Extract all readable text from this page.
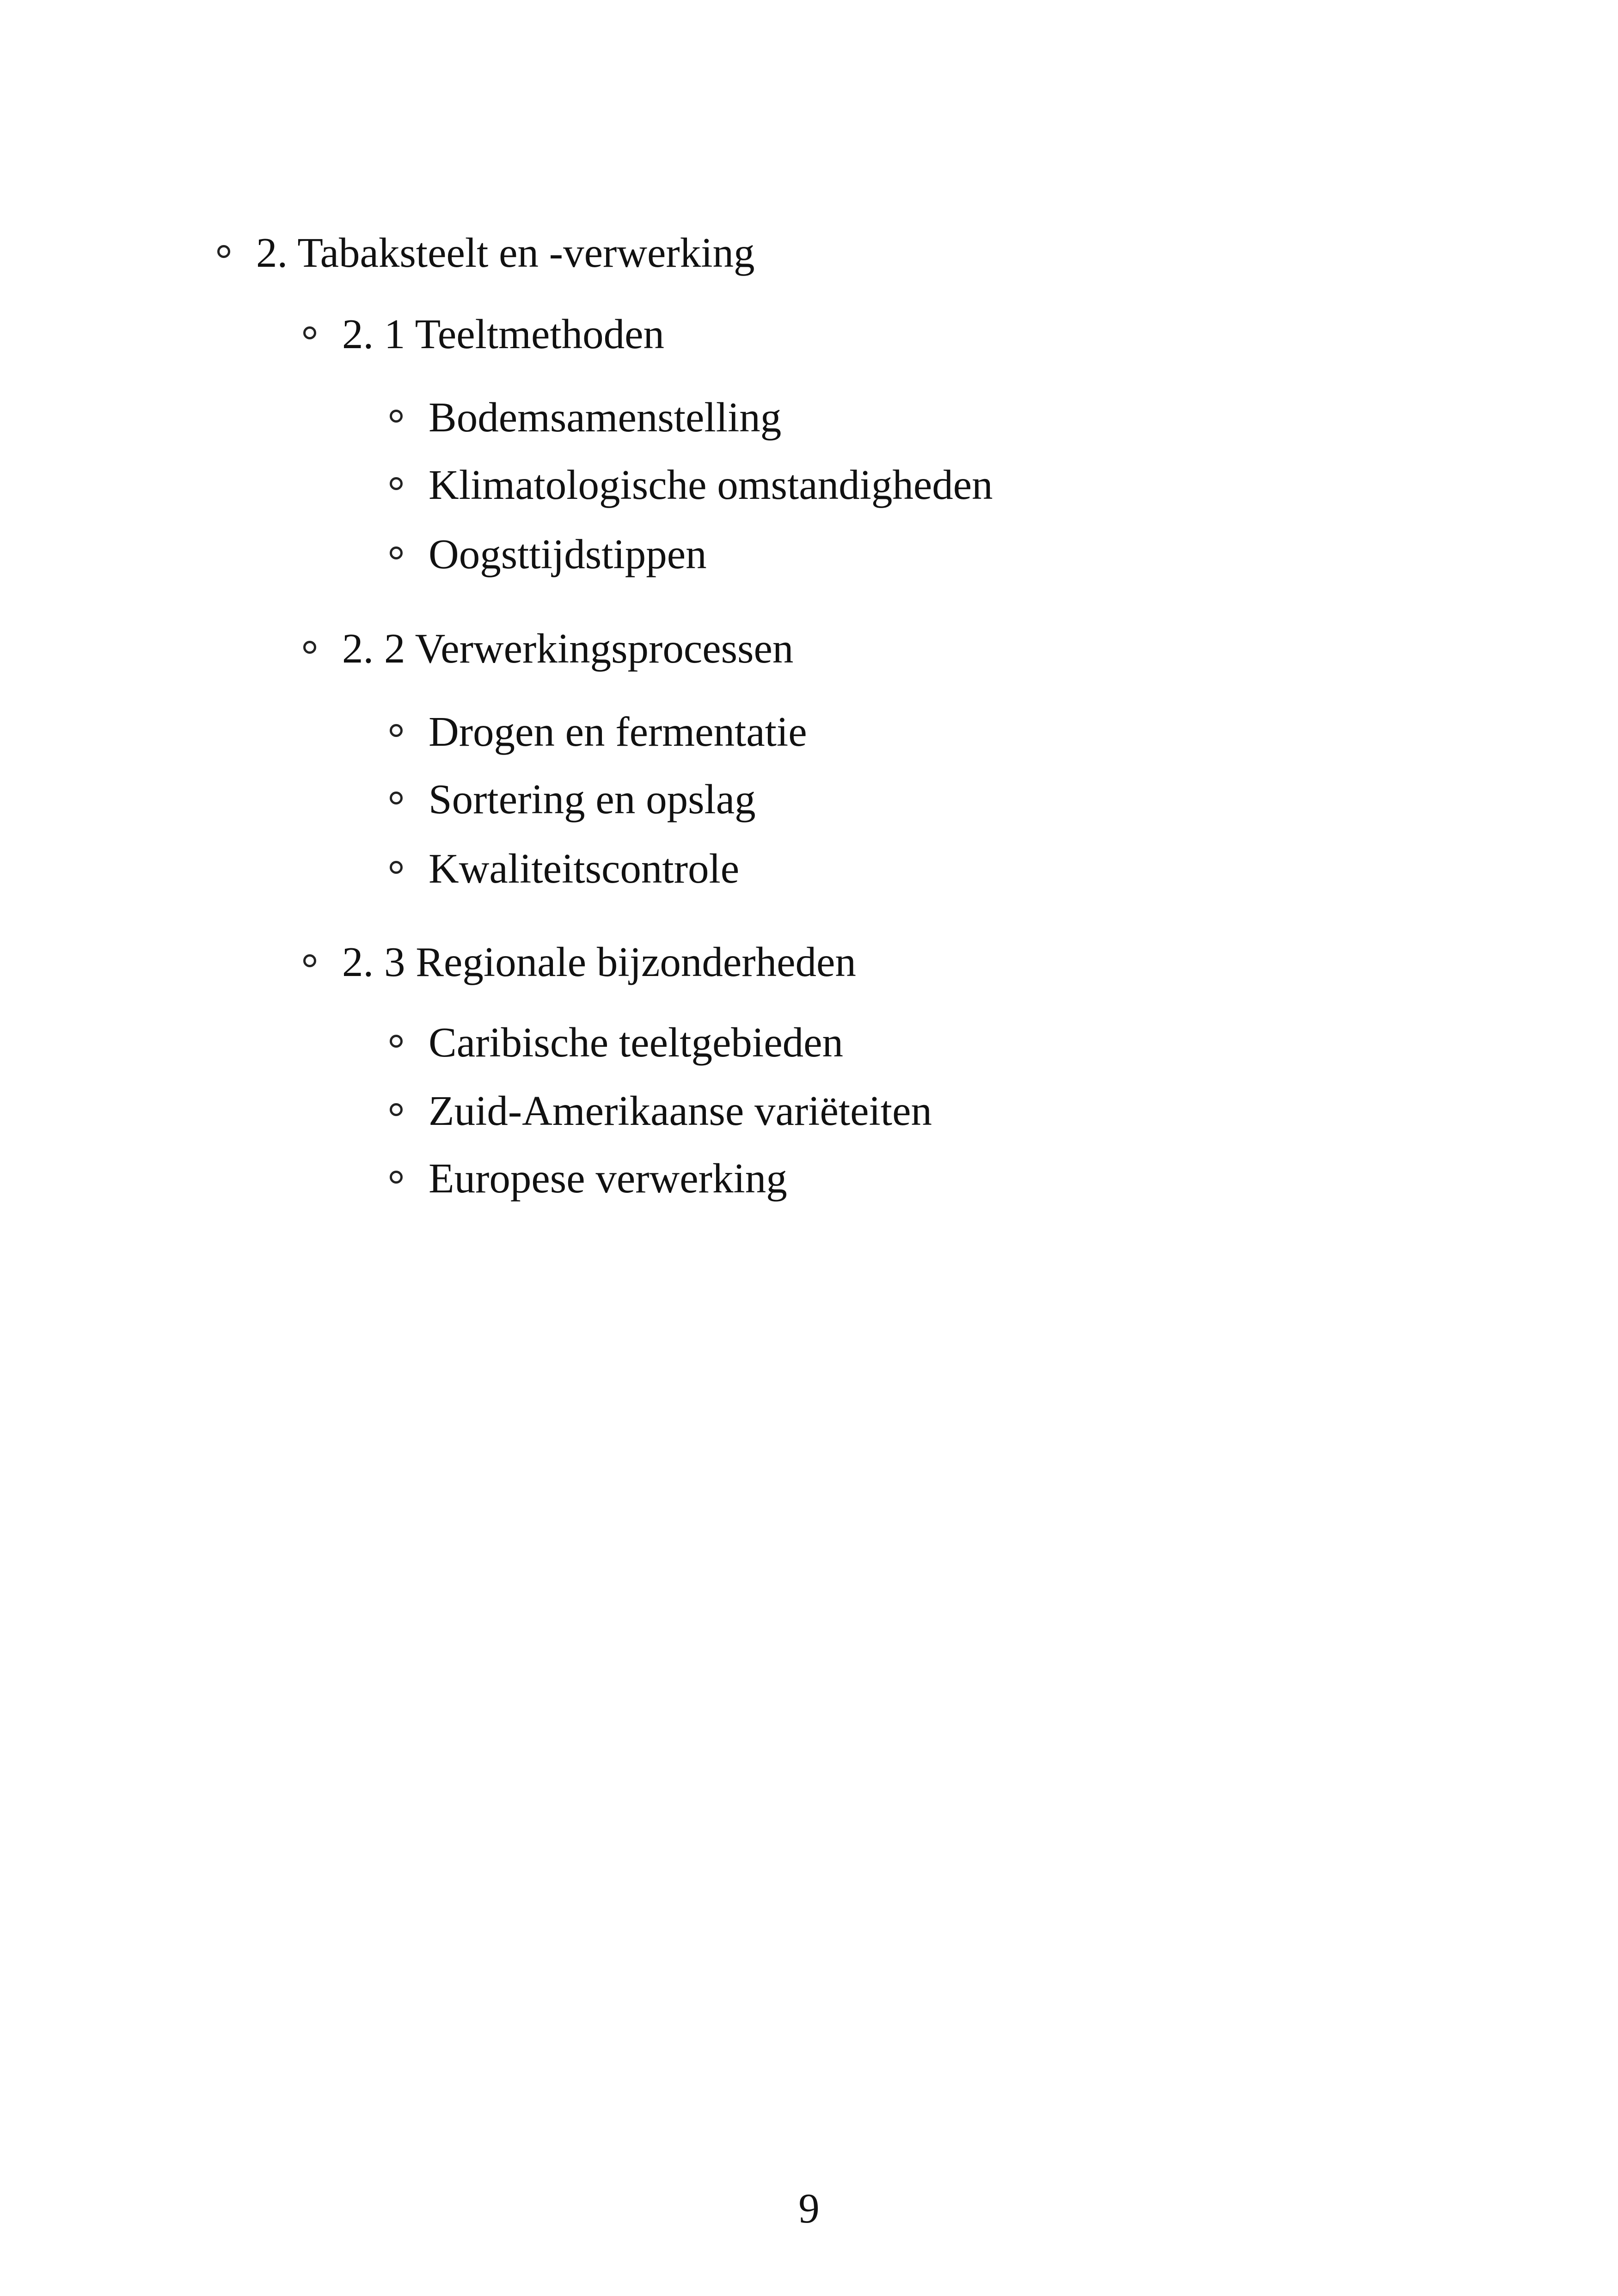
2. Tabaksteelt en -verwerking
2. 1 Teeltmethoden
Bodemsamenstelling
Klimatologische omstandigheden
Oogsttijdstippen
2. 2 Verwerkingsprocessen
Drogen en fermentatie
Sortering en opslag
Kwaliteitscontrole
2. 3 Regionale bijzonderheden
Caribische teeltgebieden
Zuid-Amerikaanse variëteiten
Europese verwerking
9
